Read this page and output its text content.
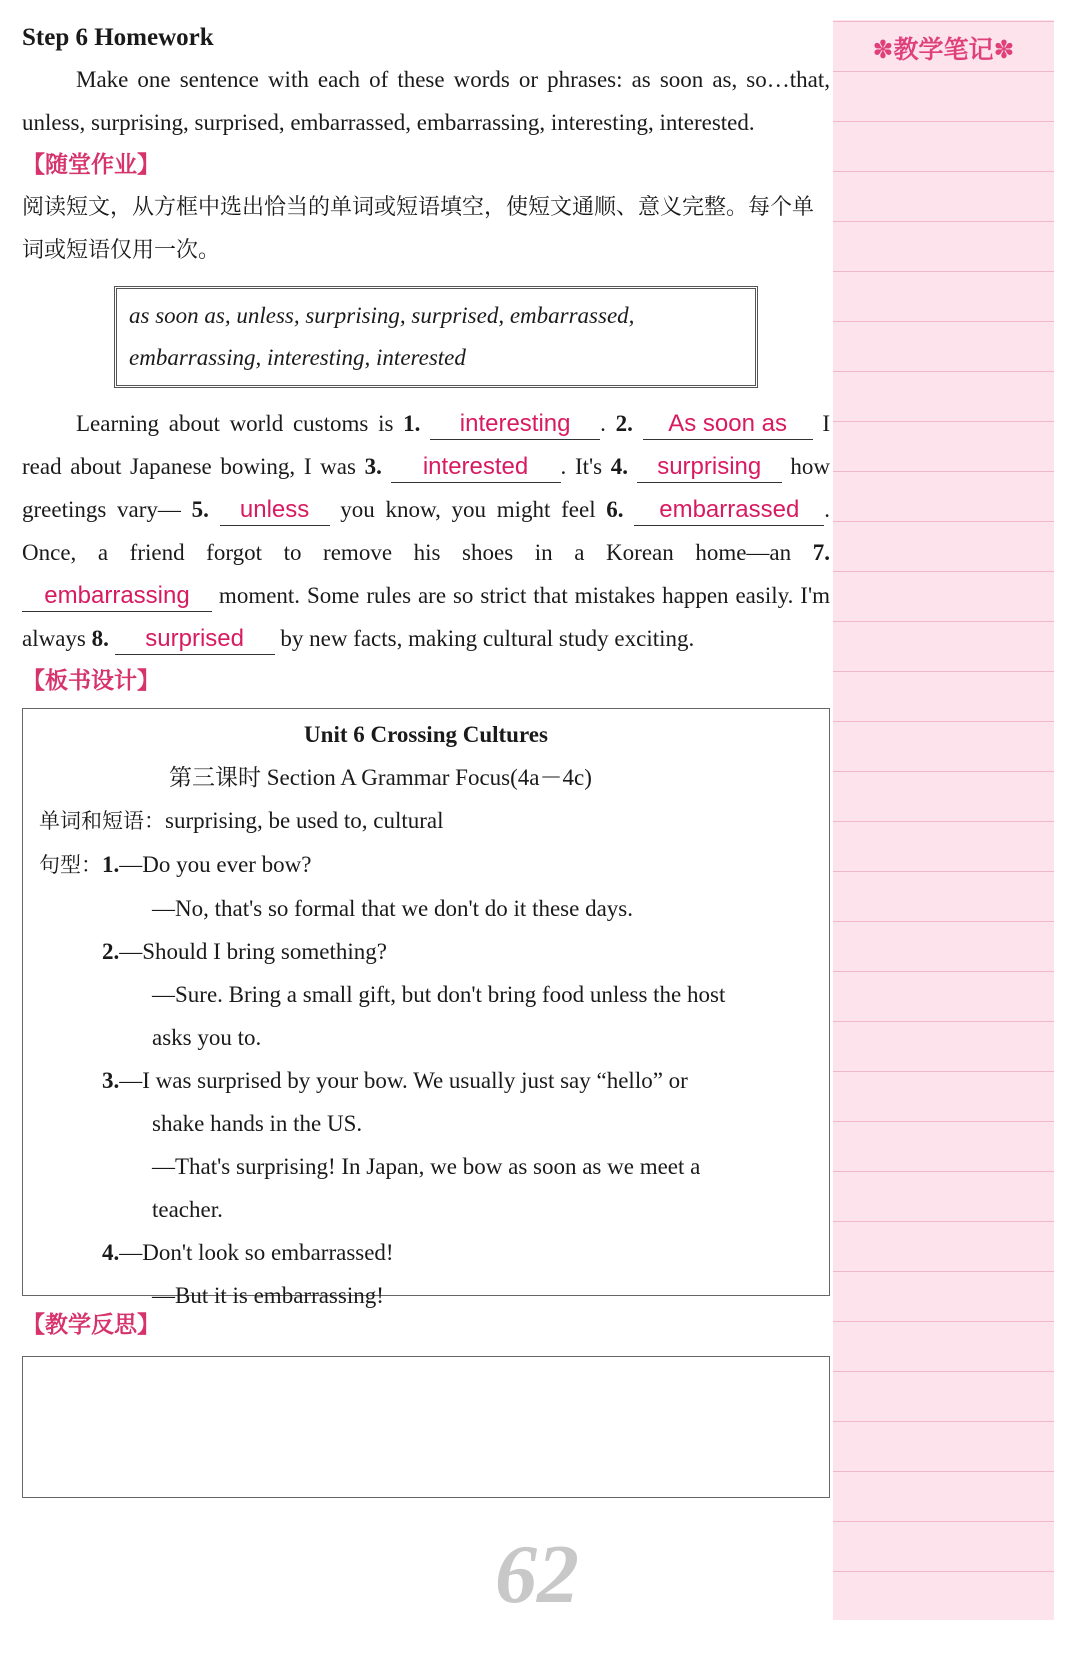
Step 6 Homework

Make one sentence with each of these words or phrases: as soon as, so…that, unless, surprising, surprised, embarrassed, embarrassing, interesting, interested.

【随堂作业】

阅读短文，从方框中选出恰当的单词或短语填空，使短文通顺、意义完整。每个单词或短语仅用一次。

as soon as, unless, surprising, surprised, embarrassed,
embarrassing, interesting, interested

Learning about world customs is 1. interesting . 2. As soon as I read about Japanese bowing, I was 3. interested . It's 4. surprising how greetings vary— 5. unless you know, you might feel 6. embarrassed . Once, a friend forgot to remove his shoes in a Korean home—an 7. embarrassing moment. Some rules are so strict that mistakes happen easily. I'm always 8. surprised by new facts, making cultural study exciting.

【板书设计】

Unit 6 Crossing Cultures

第三课时 Section A Grammar Focus(4a－4c)

单词和短语：surprising, be used to, cultural

句型：1.—Do you ever bow?

—No, that's so formal that we don't do it these days.

2.—Should I bring something?

—Sure. Bring a small gift, but don't bring food unless the host

asks you to.

3.—I was surprised by your bow. We usually just say “hello” or

shake hands in the US.

—That's surprising! In Japan, we bow as soon as we meet a

teacher.

4.—Don't look so embarrassed!

—But it is embarrassing!

【教学反思】

62

✽教学笔记✽
